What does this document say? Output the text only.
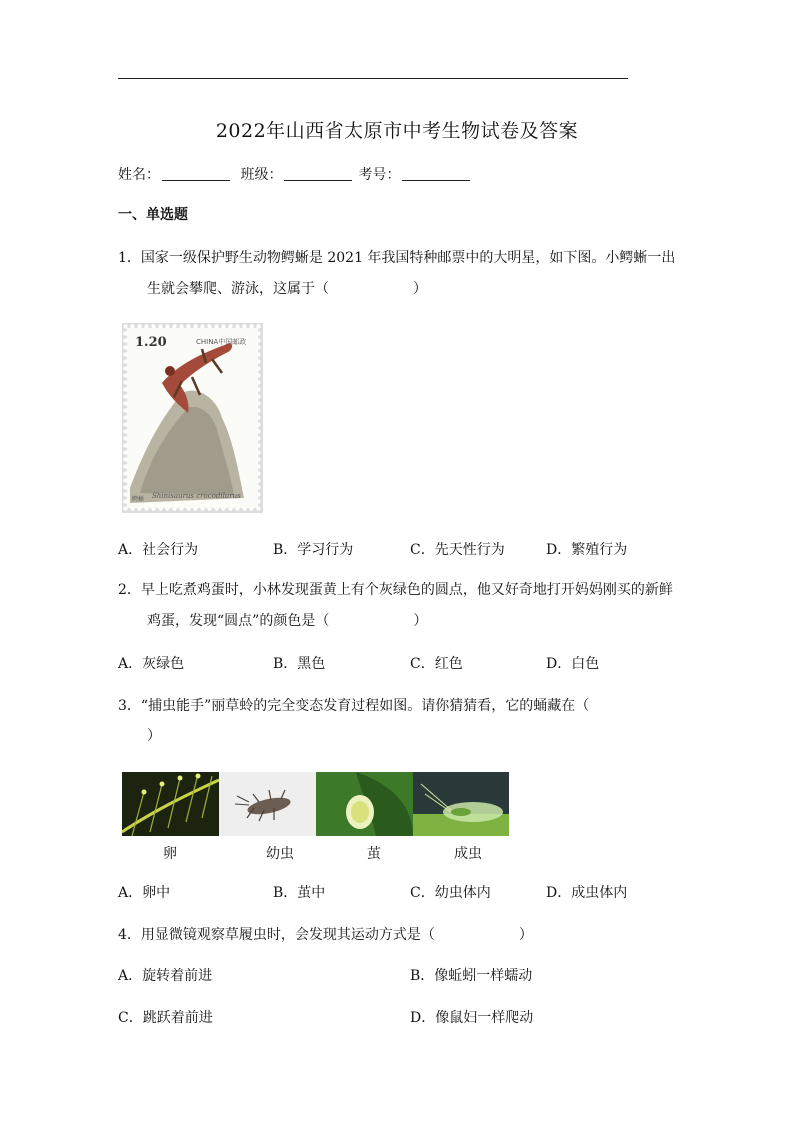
2022年山西省太原市中考生物试卷及答案
姓名：	班级：	考号：
一、单选题
1．国家一级保护野生动物鳄蜥是 2021 年我国特种邮票中的大明星，如下图。小鳄蜥一出
生就会攀爬、游泳，这属于（　　　　　　）
1.20	CHINA中国邮政
鳄蜥 Shinisaurus crocodilurus
A．社会行为	B．学习行为	C．先天性行为	D．繁殖行为
2．早上吃煮鸡蛋时，小林发现蛋黄上有个灰绿色的圆点，他又好奇地打开妈妈刚买的新鲜
鸡蛋，发现“圆点”的颜色是（　　　　　　）
A．灰绿色	B．黑色	C．红色	D．白色
3．“捕虫能手”丽草蛉的完全变态发育过程如图。请你猜猜看，它的蛹藏在（
）
卵	幼虫	茧	成虫
A．卵中	B．茧中	C．幼虫体内	D．成虫体内
4．用显微镜观察草履虫时，会发现其运动方式是（　　　　　　）
A．旋转着前进	B．像蚯蚓一样蠕动
C．跳跃着前进	D．像鼠妇一样爬动
